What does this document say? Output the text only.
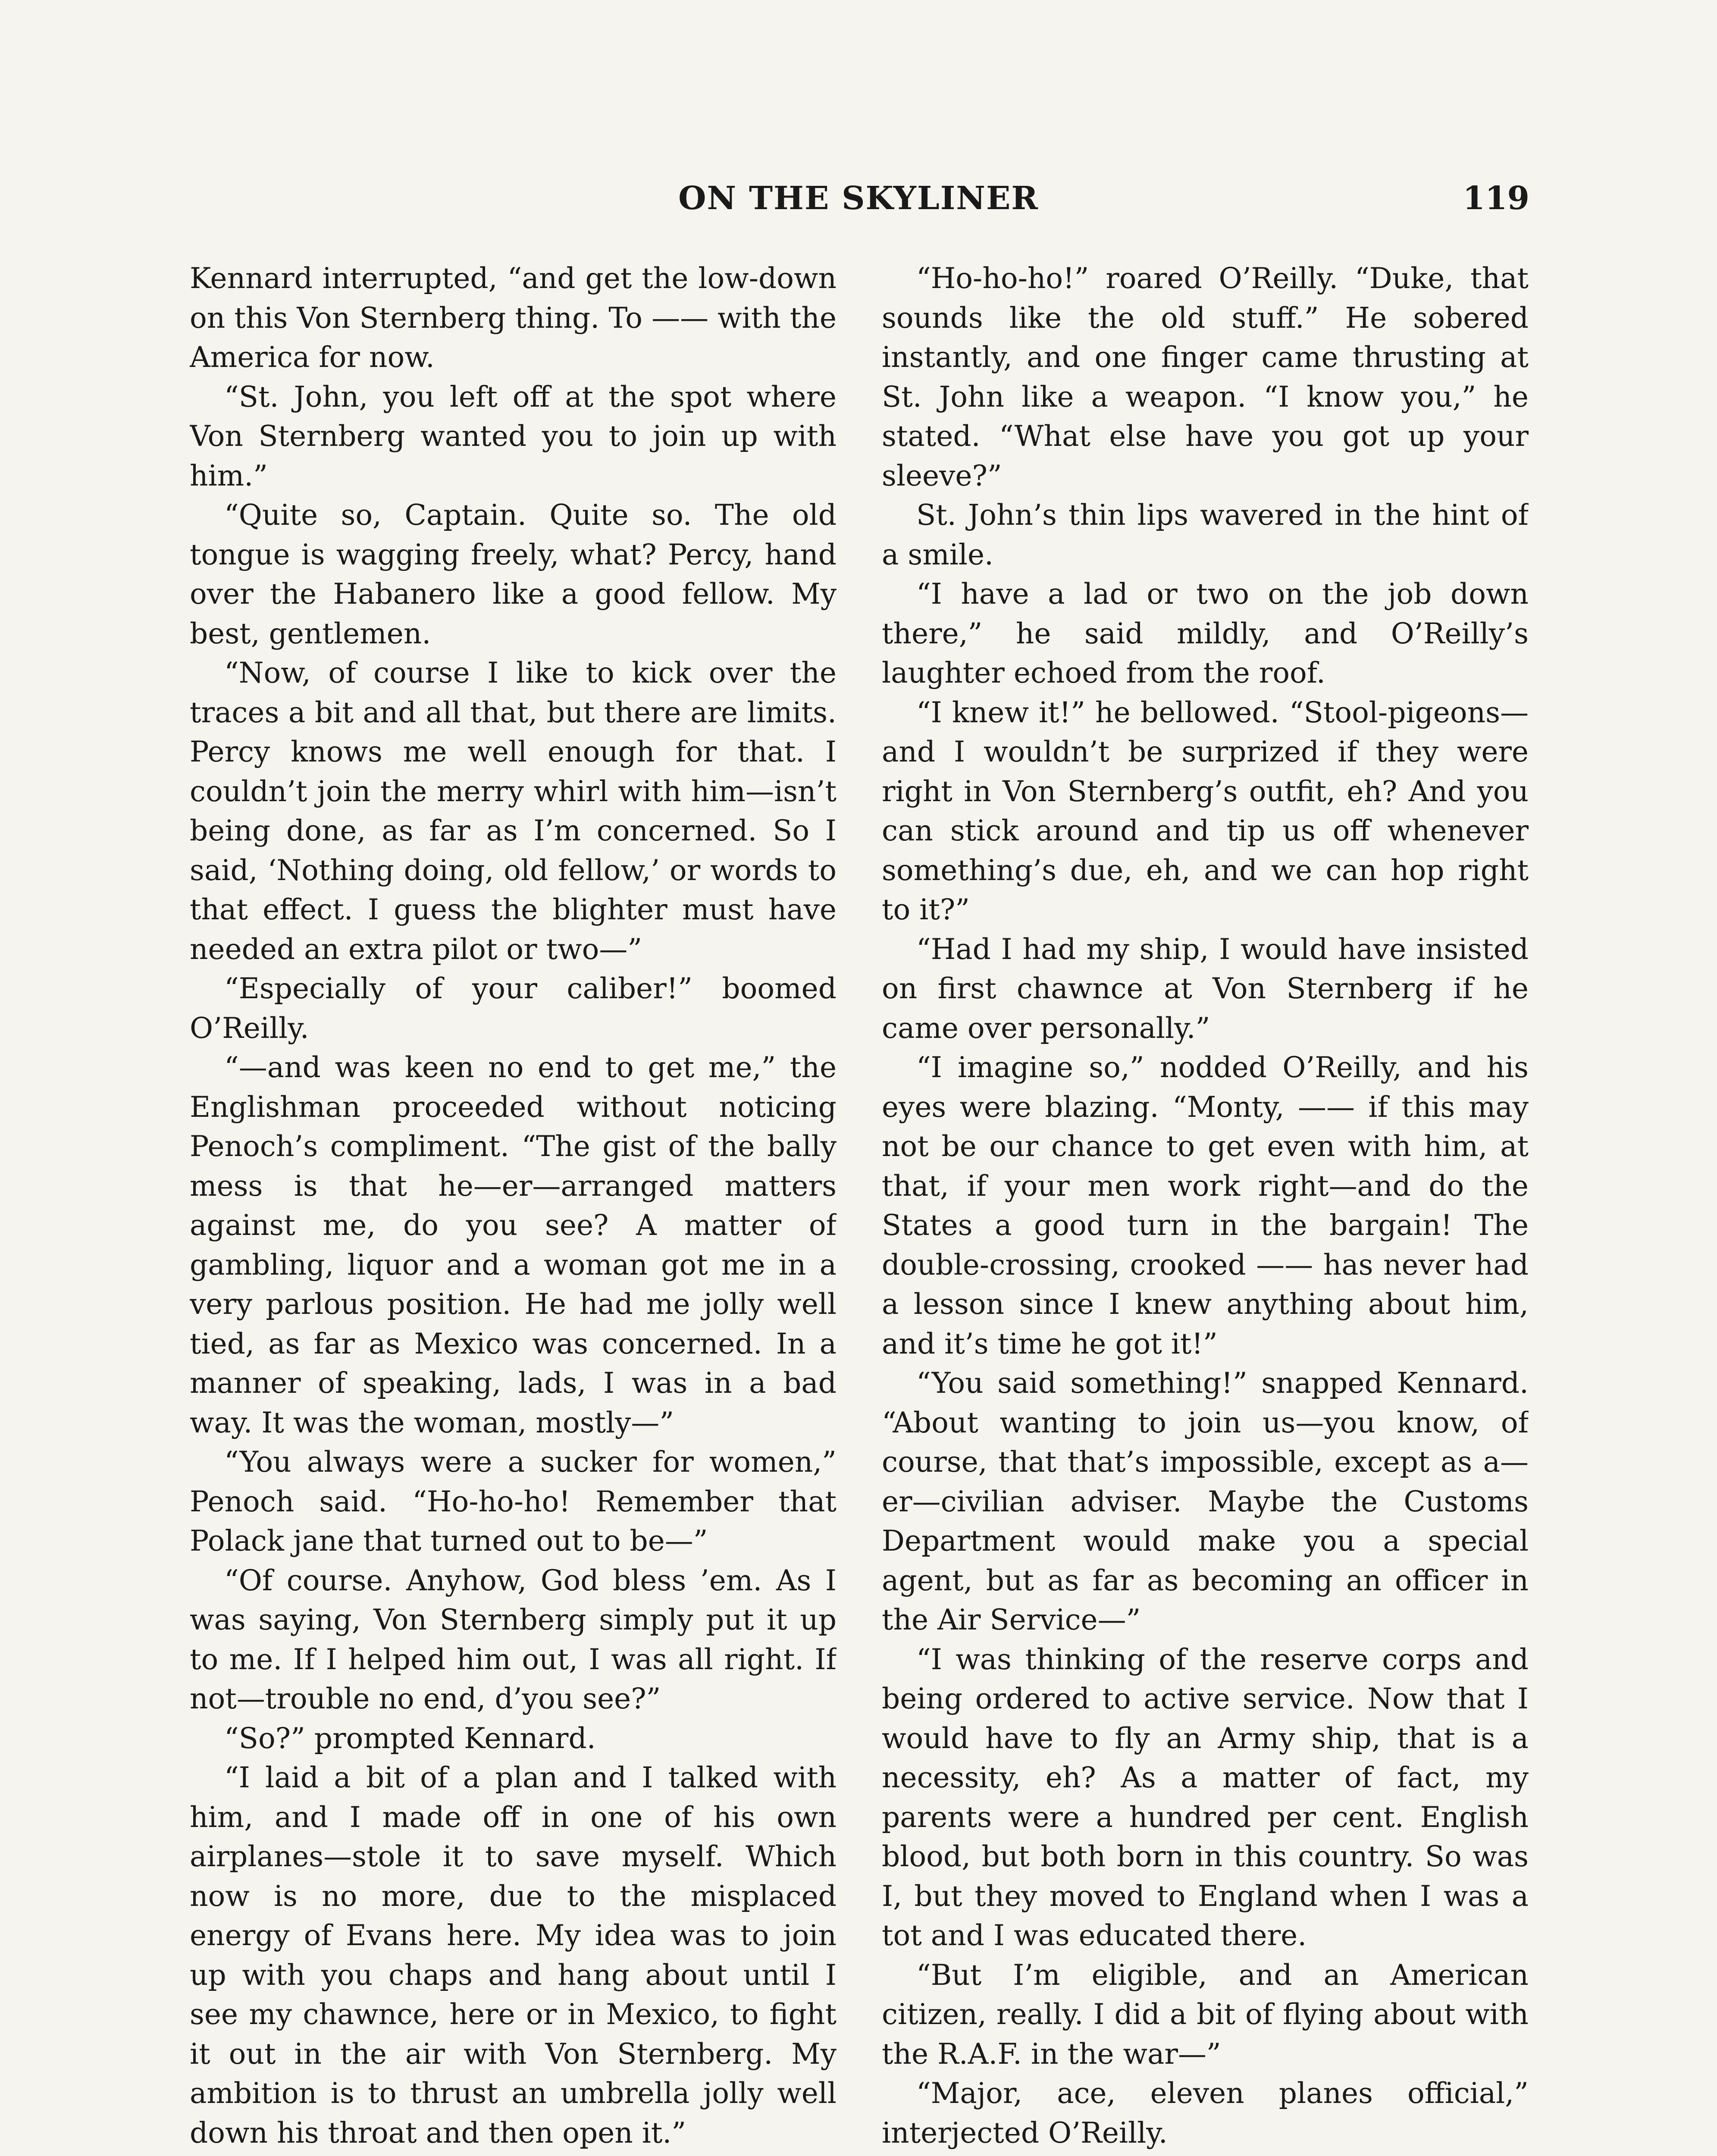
ON THE SKYLINER	119

Kennard interrupted, “and get the low-down on this Von Sternberg thing. To —— with the America for now.

“St. John, you left off at the spot where Von Sternberg wanted you to join up with him.”

“Quite so, Captain. Quite so. The old tongue is wagging freely, what? Percy, hand over the Habanero like a good fellow. My best, gentlemen.

“Now, of course I like to kick over the traces a bit and all that, but there are limits. Percy knows me well enough for that. I couldn’t join the merry whirl with him—isn’t being done, as far as I’m concerned. So I said, ‘Nothing doing, old fellow,’ or words to that effect. I guess the blighter must have needed an extra pilot or two—”

“Especially of your caliber!” boomed O’Reilly.

“—and was keen no end to get me,” the Englishman proceeded without noticing Penoch’s compliment. “The gist of the bally mess is that he—er—arranged matters against me, do you see? A matter of gambling, liquor and a woman got me in a very parlous position. He had me jolly well tied, as far as Mexico was concerned. In a manner of speaking, lads, I was in a bad way. It was the woman, mostly—”

“You always were a sucker for women,” Penoch said. “Ho-ho-ho! Remember that Polack jane that turned out to be—”

“Of course. Anyhow, God bless ’em. As I was saying, Von Sternberg simply put it up to me. If I helped him out, I was all right. If not—trouble no end, d’you see?”

“So?” prompted Kennard.

“I laid a bit of a plan and I talked with him, and I made off in one of his own airplanes—stole it to save myself. Which now is no more, due to the misplaced energy of Evans here. My idea was to join up with you chaps and hang about until I see my chawnce, here or in Mexico, to fight it out in the air with Von Sternberg. My ambition is to thrust an umbrella jolly well down his throat and then open it.”

“Ho-ho-ho!” roared O’Reilly. “Duke, that sounds like the old stuff.” He sobered instantly, and one finger came thrusting at St. John like a weapon. “I know you,” he stated. “What else have you got up your sleeve?”

St. John’s thin lips wavered in the hint of a smile.

“I have a lad or two on the job down there,” he said mildly, and O’Reilly’s laughter echoed from the roof.

“I knew it!” he bellowed. “Stool-pigeons—and I wouldn’t be surprized if they were right in Von Sternberg’s outfit, eh? And you can stick around and tip us off whenever something’s due, eh, and we can hop right to it?”

“Had I had my ship, I would have insisted on first chawnce at Von Sternberg if he came over personally.”

“I imagine so,” nodded O’Reilly, and his eyes were blazing. “Monty, —— if this may not be our chance to get even with him, at that, if your men work right—and do the States a good turn in the bargain! The double-crossing, crooked —— has never had a lesson since I knew anything about him, and it’s time he got it!”

“You said something!” snapped Kennard. “About wanting to join us—you know, of course, that that’s impossible, except as a—er—civilian adviser. Maybe the Customs Department would make you a special agent, but as far as becoming an officer in the Air Service—”

“I was thinking of the reserve corps and being ordered to active service. Now that I would have to fly an Army ship, that is a necessity, eh? As a matter of fact, my parents were a hundred per cent. English blood, but both born in this country. So was I, but they moved to England when I was a tot and I was educated there.

“But I’m eligible, and an American citizen, really. I did a bit of flying about with the R.A.F. in the war—”

“Major, ace, eleven planes official,” interjected O’Reilly.
